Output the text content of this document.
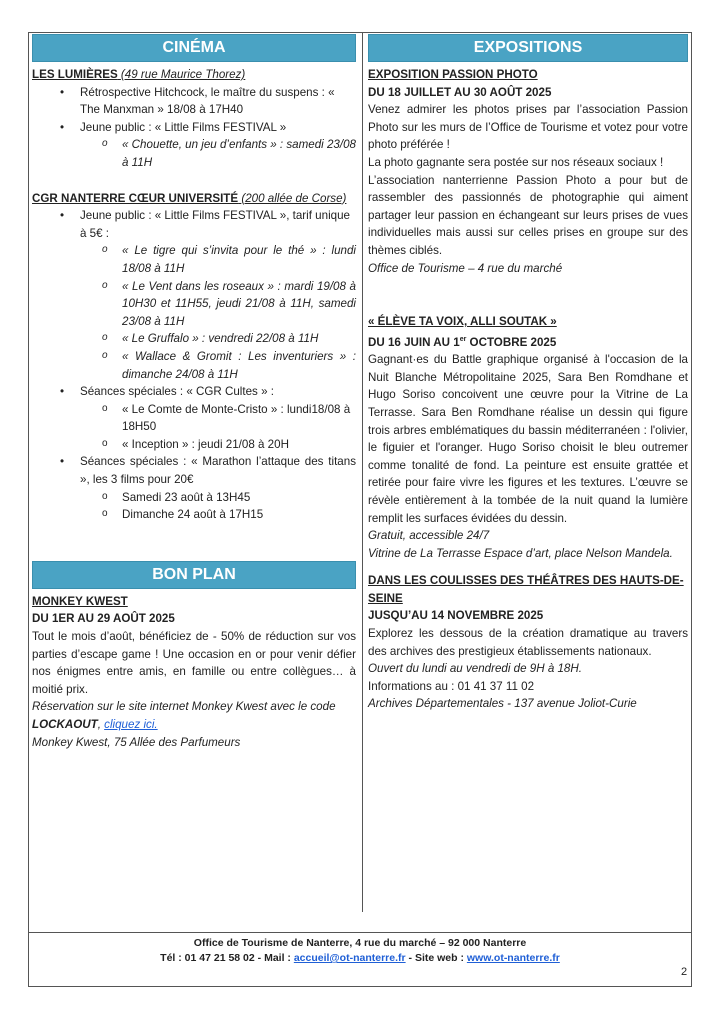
CINÉMA
LES LUMIÈRES (49 rue Maurice Thorez)
• Rétrospective Hitchcock, le maître du suspens : « The Manxman » 18/08 à 17H40
• Jeune public : « Little Films FESTIVAL »
o « Chouette, un jeu d’enfants » : samedi 23/08 à 11H
CGR NANTERRE CŒUR UNIVERSITÉ (200 allée de Corse)
• Jeune public : « Little Films FESTIVAL », tarif unique à 5€ :
o « Le tigre qui s’invita pour le thé » : lundi 18/08 à 11H
o « Le Vent dans les roseaux » : mardi 19/08 à 10H30 et 11H55, jeudi 21/08 à 11H, samedi 23/08 à 11H
o « Le Gruffalo » : vendredi 22/08 à 11H
o « Wallace & Gromit : Les inventuriers » : dimanche 24/08 à 11H
• Séances spéciales : « CGR Cultes » :
o « Le Comte de Monte-Cristo » : lundi18/08 à 18H50
o « Inception » : jeudi 21/08 à 20H
• Séances spéciales : « Marathon l’attaque des titans », les 3 films pour 20€
o Samedi 23 août à 13H45
o Dimanche 24 août à 17H15
BON PLAN
MONKEY KWEST
DU 1ER AU 29 AOÛT 2025
Tout le mois d’août, bénéficiez de - 50% de réduction sur vos parties d’escape game ! Une occasion en or pour venir défier nos énigmes entre amis, en famille ou entre collègues… à moitié prix.
Réservation sur le site internet Monkey Kwest avec le code LOCKAOUT, cliquez ici.
Monkey Kwest, 75 Allée des Parfumeurs
EXPOSITIONS
EXPOSITION PASSION PHOTO
DU 18 JUILLET AU 30 AOÛT 2025
Venez admirer les photos prises par l’association Passion Photo sur les murs de l’Office de Tourisme et votez pour votre photo préférée !
La photo gagnante sera postée sur nos réseaux sociaux !
L’association nanterrienne Passion Photo a pour but de rassembler des passionnés de photographie qui aiment partager leur passion en échangeant sur leurs prises de vues individuelles mais aussi sur celles prises en groupe sur des thèmes ciblés.
Office de Tourisme – 4 rue du marché
« ÉLÈVE TA VOIX, ALLI SOUTAK »
DU 16 JUIN AU 1er OCTOBRE 2025
Gagnant·es du Battle graphique organisé à l'occasion de la Nuit Blanche Métropolitaine 2025, Sara Ben Romdhane et Hugo Soriso concoivent une œuvre pour la Vitrine de La Terrasse. Sara Ben Romdhane réalise un dessin qui figure trois arbres emblématiques du bassin méditerranéen : l'olivier, le figuier et l'oranger. Hugo Soriso choisit le bleu outremer comme tonalité de fond. La peinture est ensuite grattée et retirée pour faire vivre les figures et les textures. L’œuvre se révèle entièrement à la tombée de la nuit quand la lumière remplit les surfaces évidées du dessin.
Gratuit, accessible 24/7
Vitrine de La Terrasse Espace d’art, place Nelson Mandela.
DANS LES COULISSES DES THÉÂTRES DES HAUTS-DE-SEINE
JUSQU’AU 14 NOVEMBRE 2025
Explorez les dessous de la création dramatique au travers des archives des prestigieux établissements nationaux.
Ouvert du lundi au vendredi de 9H à 18H.
Informations au : 01 41 37 11 02
Archives Départementales - 137 avenue Joliot-Curie
Office de Tourisme de Nanterre, 4 rue du marché – 92 000 Nanterre
Tél : 01 47 21 58 02 - Mail : accueil@ot-nanterre.fr - Site web : www.ot-nanterre.fr
2
